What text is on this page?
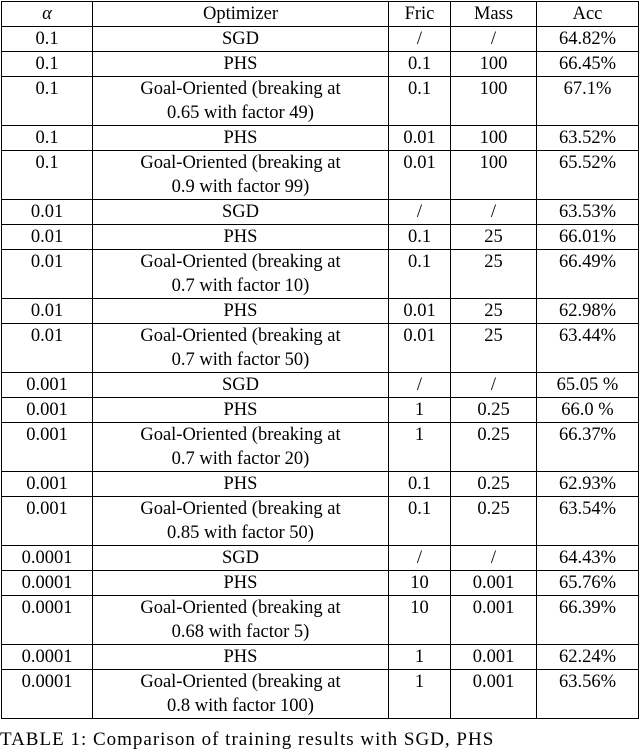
α	Optimizer	Fric	Mass	Acc
0.1	SGD	/	/	64.82%
0.1	PHS	0.1	100	66.45%
0.1	Goal-Oriented (breaking at
0.65 with factor 49)	0.1	100	67.1%
0.1	PHS	0.01	100	63.52%
0.1	Goal-Oriented (breaking at
0.9 with factor 99)	0.01	100	65.52%
0.01	SGD	/	/	63.53%
0.01	PHS	0.1	25	66.01%
0.01	Goal-Oriented (breaking at
0.7 with factor 10)	0.1	25	66.49%
0.01	PHS	0.01	25	62.98%
0.01	Goal-Oriented (breaking at
0.7 with factor 50)	0.01	25	63.44%
0.001	SGD	/	/	65.05 %
0.001	PHS	1	0.25	66.0 %
0.001	Goal-Oriented (breaking at
0.7 with factor 20)	1	0.25	66.37%
0.001	PHS	0.1	0.25	62.93%
0.001	Goal-Oriented (breaking at
0.85 with factor 50)	0.1	0.25	63.54%
0.0001	SGD	/	/	64.43%
0.0001	PHS	10	0.001	65.76%
0.0001	Goal-Oriented (breaking at
0.68 with factor 5)	10	0.001	66.39%
0.0001	PHS	1	0.001	62.24%
0.0001	Goal-Oriented (breaking at
0.8 with factor 100)	1	0.001	63.56%
TABLE 1: Comparison of training results with SGD, PHS
